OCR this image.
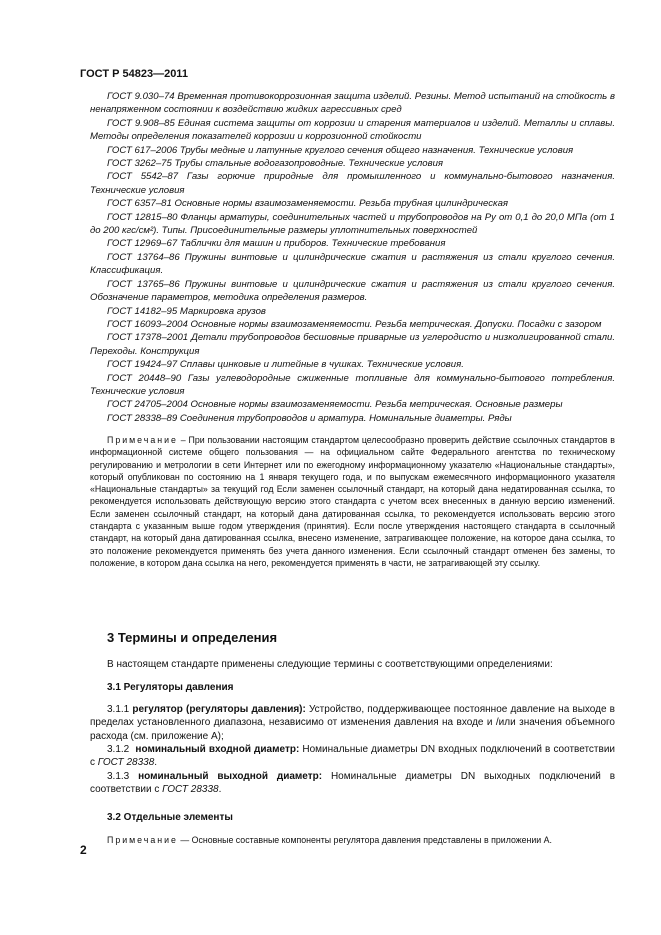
ГОСТ Р 54823—2011

ГОСТ 9.030–74 Временная противокоррозионная защита изделий. Резины. Метод испытаний на стойкость в ненапряженном состоянии к воздействию жидких агрессивных сред

ГОСТ 9.908–85 Единая система защиты от коррозии и старения материалов и изделий. Металлы и сплавы. Методы определения показателей коррозии и коррозионной стойкости

ГОСТ 617–2006 Трубы медные и латунные круглого сечения общего назначения. Технические условия

ГОСТ 3262–75 Трубы стальные водогазопроводные. Технические условия

ГОСТ 5542–87 Газы горючие природные для промышленного и коммунально-бытового назначения. Технические условия

ГОСТ 6357–81 Основные нормы взаимозаменяемости. Резьба трубная цилиндрическая

ГОСТ 12815–80 Фланцы арматуры, соединительных частей и трубопроводов на Py от 0,1 до 20,0 МПа (от 1 до 200 кгс/см²). Типы. Присоединительные размеры уплотнительных поверхностей

ГОСТ 12969–67 Таблички для машин и приборов. Технические требования

ГОСТ 13764–86 Пружины винтовые и цилиндрические сжатия и растяжения из стали круглого сечения. Классификация.

ГОСТ 13765–86 Пружины винтовые и цилиндрические сжатия и растяжения из стали круглого сечения. Обозначение параметров, методика определения размеров.

ГОСТ 14182–95 Маркировка грузов

ГОСТ 16093–2004 Основные нормы взаимозаменяемости. Резьба метрическая. Допуски. Посадки с зазором

ГОСТ 17378–2001 Детали трубопроводов бесшовные приварные из углеродисто и низколигированной стали. Переходы. Конструкция

ГОСТ 19424–97 Сплавы цинковые и литейные в чушках. Технические условия.

ГОСТ 20448–90 Газы углеводородные сжиженные топливные для коммунально-бытового потребления. Технические условия

ГОСТ 24705–2004 Основные нормы взаимозаменяемости. Резьба метрическая. Основные размеры

ГОСТ 28338–89 Соединения трубопроводов и арматура. Номинальные диаметры. Ряды

Примечание – При пользовании настоящим стандартом целесообразно проверить действие ссылочных стандартов в информационной системе общего пользования — на официальном сайте Федерального агентства по техническому регулированию и метрологии в сети Интернет или по ежегодному информационному указателю «Национальные стандарты», который опубликован по состоянию на 1 января текущего года, и по выпускам ежемесячного информационного указателя «Национальные стандарты» за текущий год Если заменен ссылочный стандарт, на который дана недатированная ссылка, то рекомендуется использовать действующую версию этого стандарта с учетом всех внесенных в данную версию изменений. Если заменен ссылочный стандарт, на который дана датированная ссылка, то рекомендуется использовать версию этого стандарта с указанным выше годом утверждения (принятия). Если после утверждения настоящего стандарта в ссылочный стандарт, на который дана датированная ссылка, внесено изменение, затрагивающее положение, на которое дана ссылка, то это положение рекомендуется применять без учета данного изменения. Если ссылочный стандарт отменен без замены, то положение, в котором дана ссылка на него, рекомендуется применять в части, не затрагивающей эту ссылку.

3 Термины и определения

В настоящем стандарте применены следующие термины с соответствующими определениями:

3.1 Регуляторы давления

3.1.1 регулятор (регуляторы давления): Устройство, поддерживающее постоянное давление на выходе в пределах установленного диапазона, независимо от изменения давления на входе и /или значения объемного расхода (см. приложение А);

3.1.2 номинальный входной диаметр: Номинальные диаметры DN входных подключений в соответствии с ГОСТ 28338.

3.1.3 номинальный выходной диаметр: Номинальные диаметры DN выходных подключений в соответствии с ГОСТ 28338.

3.2 Отдельные элементы

Примечание — Основные составные компоненты регулятора давления представлены в приложении А.

2
